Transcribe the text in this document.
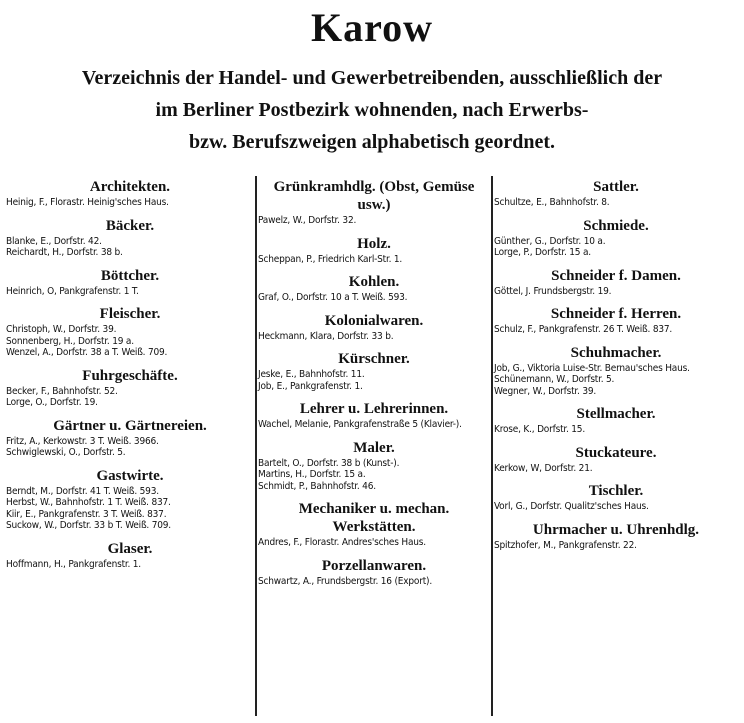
Karow
Verzeichnis der Handel- und Gewerbetreibenden, ausschließlich der
im Berliner Postbezirk wohnenden, nach Erwerbs-
bzw. Berufszweigen alphabetisch geordnet.
Architekten.
Heinig, F., Florastr. Heinig'sches Haus.
Bäcker.
Blanke, E., Dorfstr. 42.
Reichardt, H., Dorfstr. 38 b.
Böttcher.
Heinrich, O, Pankgrafenstr. 1 T.
Fleischer.
Christoph, W., Dorfstr. 39.
Sonnenberg, H., Dorfstr. 19 a.
Wenzel, A., Dorfstr. 38 a T. Weiß. 709.
Fuhrgeschäfte.
Becker, F., Bahnhofstr. 52.
Lorge, O., Dorfstr. 19.
Gärtner u. Gärtnereien.
Fritz, A., Kerkowstr. 3 T. Weiß. 3966.
Schwiglewski, O., Dorfstr. 5.
Gastwirte.
Berndt, M., Dorfstr. 41 T. Weiß. 593.
Herbst, W., Bahnhofstr. 1 T. Weiß. 837.
Kiir, E., Pankgrafenstr. 3 T. Weiß. 837.
Suckow, W., Dorfstr. 33 b T. Weiß. 709.
Glaser.
Hoffmann, H., Pankgrafenstr. 1.
Grünkramhdlg. (Obst, Gemüse usw.)
Pawelz, W., Dorfstr. 32.
Holz.
Scheppan, P., Friedrich Karl-Str. 1.
Kohlen.
Graf, O., Dorfstr. 10 a T. Weiß. 593.
Kolonialwaren.
Heckmann, Klara, Dorfstr. 33 b.
Kürschner.
Jeske, E., Bahnhofstr. 11.
Job, E., Pankgrafenstr. 1.
Lehrer u. Lehrerinnen.
Wachel, Melanie, Pankgrafenstraße 5 (Klavier-).
Maler.
Bartelt, O., Dorfstr. 38 b (Kunst-).
Martins, H., Dorfstr. 15 a.
Schmidt, P., Bahnhofstr. 46.
Mechaniker u. mechan. Werkstätten.
Andres, F., Florastr. Andres'sches Haus.
Porzellanwaren.
Schwartz, A., Frundsbergstr. 16 (Export).
Sattler.
Schultze, E., Bahnhofstr. 8.
Schmiede.
Günther, G., Dorfstr. 10 a.
Lorge, P., Dorfstr. 15 a.
Schneider f. Damen.
Göttel, J. Frundsbergstr. 19.
Schneider f. Herren.
Schulz, F., Pankgrafenstr. 26 T. Weiß. 837.
Schuhmacher.
Job, G., Viktoria Luise-Str. Bernau'sches Haus.
Schünemann, W., Dorfstr. 5.
Wegner, W., Dorfstr. 39.
Stellmacher.
Krose, K., Dorfstr. 15.
Stuckateure.
Kerkow, W, Dorfstr. 21.
Tischler.
Vorl, G., Dorfstr. Qualitz'sches Haus.
Uhrmacher u. Uhrenhdlg.
Spitzhofer, M., Pankgrafenstr. 22.
